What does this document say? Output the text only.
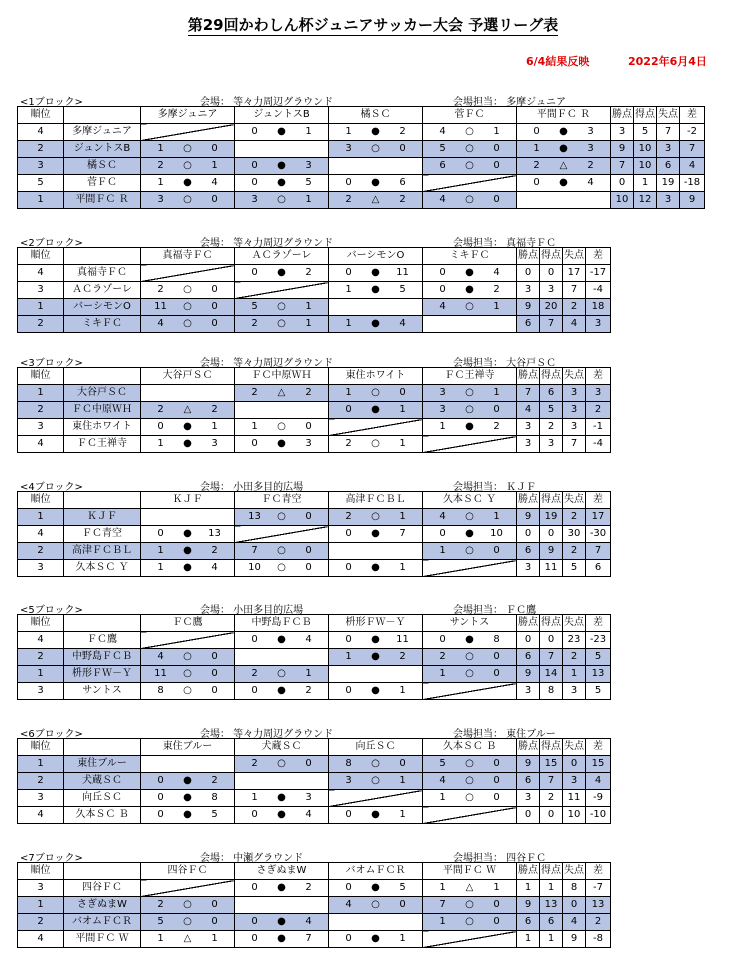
第29回かわしん杯ジュニアサッカー大会 予選リーグ表
6/4結果反映	2022年6月4日
<1ブロック>	会場： 等々力周辺グラウンド	会場担当： 多摩ジュニア
順位		多摩ジュニア	ジュントスB	橘ＳＣ	菅ＦＣ	平間ＦＣ Ｒ	勝点	得点	失点	差
4	多摩ジュニア		0 ● 1	1 ● 2	4 ○ 1	0 ● 3	3	5	7	-2
2	ジュントスB	1 ○ 0		3 ○ 0	5 ○ 0	1 ● 3	9	10	3	7
3	橘ＳＣ	2 ○ 1	0 ● 3		6 ○ 0	2 △ 2	7	10	6	4
5	菅ＦＣ	1 ● 4	0 ● 5	0 ● 6		0 ● 4	0	1	19	-18
1	平間ＦＣ Ｒ	3 ○ 0	3 ○ 1	2 △ 2	4 ○ 0		10	12	3	9
<2ブロック>	会場： 等々力周辺グラウンド	会場担当： 真福寺ＦＣ
順位		真福寺ＦＣ	ＡＣラゾーレ	バーシモンO	ミキＦＣ	勝点	得点	失点	差
4	真福寺ＦＣ		0 ● 2	0 ● 11	0 ● 4	0	0	17	-17
3	ＡＣラゾーレ	2 ○ 0		1 ● 5	0 ● 2	3	3	7	-4
1	バーシモンO	11 ○ 0	5 ○ 1		4 ○ 1	9	20	2	18
2	ミキＦＣ	4 ○ 0	2 ○ 1	1 ● 4		6	7	4	3
<3ブロック>	会場： 等々力周辺グラウンド	会場担当： 大谷戸ＳＣ
順位		大谷戸ＳＣ	ＦＣ中原ＷＨ	東住ホワイト	ＦＣ王禅寺	勝点	得点	失点	差
1	大谷戸ＳＣ		2 △ 2	1 ○ 0	3 ○ 1	7	6	3	3
2	ＦＣ中原ＷＨ	2 △ 2		0 ● 1	3 ○ 0	4	5	3	2
3	東住ホワイト	0 ● 1	1 ○ 0		1 ● 2	3	2	3	-1
4	ＦＣ王禅寺	1 ● 3	0 ● 3	2 ○ 1		3	3	7	-4
<4ブロック>	会場： 小田多目的広場	会場担当： ＫＪＦ
順位		ＫＪＦ	ＦＣ青空	高津ＦＣＢＬ	久本ＳＣ Ｙ	勝点	得点	失点	差
1	ＫＪＦ		13 ○ 0	2 ○ 1	4 ○ 1	9	19	2	17
4	ＦＣ青空	0 ● 13		0 ● 7	0 ● 10	0	0	30	-30
2	高津ＦＣＢＬ	1 ● 2	7 ○ 0		1 ○ 0	6	9	2	7
3	久本ＳＣ Ｙ	1 ● 4	10 ○ 0	0 ● 1		3	11	5	6
<5ブロック>	会場： 小田多目的広場	会場担当： ＦＣ鷹
順位		ＦＣ鷹	中野島ＦＣＢ	枡形ＦＷ－Ｙ	サントス	勝点	得点	失点	差
4	ＦＣ鷹		0 ● 4	0 ● 11	0 ● 8	0	0	23	-23
2	中野島ＦＣＢ	4 ○ 0		1 ● 2	2 ○ 0	6	7	2	5
1	枡形ＦＷ－Ｙ	11 ○ 0	2 ○ 1		1 ○ 0	9	14	1	13
3	サントス	8 ○ 0	0 ● 2	0 ● 1		3	8	3	5
<6ブロック>	会場： 等々力周辺グラウンド	会場担当： 東住ブルー
順位		東住ブルー	犬蔵ＳＣ	向丘ＳＣ	久本ＳＣ Ｂ	勝点	得点	失点	差
1	東住ブルー		2 ○ 0	8 ○ 0	5 ○ 0	9	15	0	15
2	犬蔵ＳＣ	0 ● 2		3 ○ 1	4 ○ 0	6	7	3	4
3	向丘ＳＣ	0 ● 8	1 ● 3		1 ○ 0	3	2	11	-9
4	久本ＳＣ Ｂ	0 ● 5	0 ● 4	0 ● 1		0	0	10	-10
<7ブロック>	会場： 中瀬グラウンド	会場担当： 四谷ＦＣ
順位		四谷ＦＣ	さぎぬまW	バオムＦＣＲ	平間ＦＣ Ｗ	勝点	得点	失点	差
3	四谷ＦＣ		0 ● 2	0 ● 5	1 △ 1	1	1	8	-7
1	さぎぬまW	2 ○ 0		4 ○ 0	7 ○ 0	9	13	0	13
2	バオムＦＣＲ	5 ○ 0	0 ● 4		1 ○ 0	6	6	4	2
4	平間ＦＣ Ｗ	1 △ 1	0 ● 7	0 ● 1		1	1	9	-8
